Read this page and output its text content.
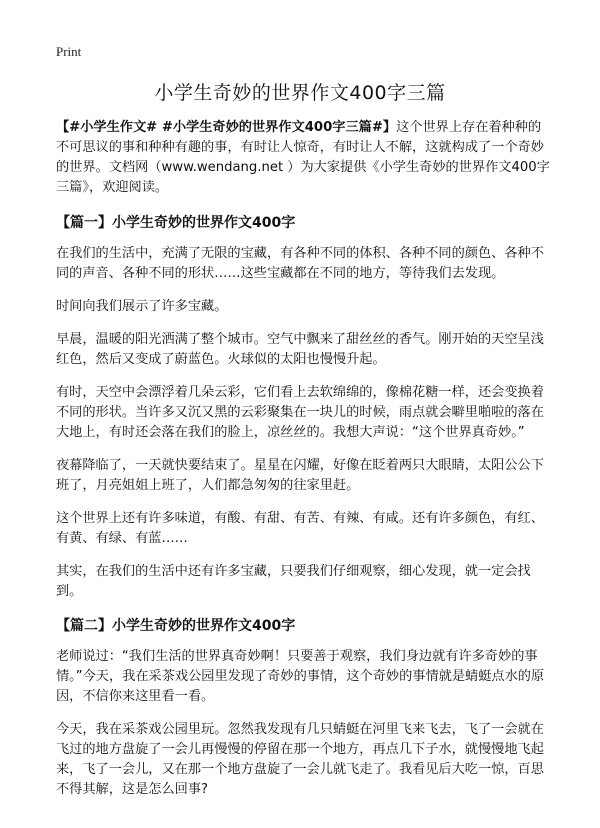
Print
小学生奇妙的世界作文400字三篇

【#小学生作文# #小学生奇妙的世界作文400字三篇#】这个世界上存在着种种的不可思议的事和种种有趣的事，有时让人惊奇，有时让人不解，这就构成了一个奇妙的世界。文档网（www.wendang.net ）为大家提供《小学生奇妙的世界作文400字三篇》，欢迎阅读。

【篇一】小学生奇妙的世界作文400字

在我们的生活中，充满了无限的宝藏，有各种不同的体积、各种不同的颜色、各种不同的声音、各种不同的形状……这些宝藏都在不同的地方，等待我们去发现。

时间向我们展示了许多宝藏。

早晨，温暖的阳光洒满了整个城市。空气中飘来了甜丝丝的香气。刚开始的天空呈浅红色，然后又变成了蔚蓝色。火球似的太阳也慢慢升起。

有时，天空中会漂浮着几朵云彩，它们看上去软绵绵的，像棉花糖一样，还会变换着不同的形状。当许多又沉又黑的云彩聚集在一块儿的时候，雨点就会噼里啪啦的落在大地上，有时还会落在我们的脸上，凉丝丝的。我想大声说：“这个世界真奇妙。”

夜幕降临了，一天就快要结束了。星星在闪耀，好像在眨着两只大眼睛，太阳公公下班了，月亮姐姐上班了，人们都急匆匆的往家里赶。

这个世界上还有许多味道，有酸、有甜、有苦、有辣、有咸。还有许多颜色，有红、有黄、有绿、有蓝……

其实，在我们的生活中还有许多宝藏，只要我们仔细观察，细心发现，就一定会找到。

【篇二】小学生奇妙的世界作文400字

老师说过：“我们生活的世界真奇妙啊！只要善于观察，我们身边就有许多奇妙的事情。”今天，我在采茶戏公园里发现了奇妙的事情，这个奇妙的事情就是蜻蜓点水的原因，不信你来这里看一看。

今天，我在采茶戏公园里玩。忽然我发现有几只蜻蜓在河里飞来飞去，飞了一会就在飞过的地方盘旋了一会儿再慢慢的停留在那一个地方，再点几下子水，就慢慢地飞起来，飞了一会儿，又在那一个地方盘旋了一会儿就飞走了。我看见后大吃一惊，百思不得其解，这是怎么回事?
